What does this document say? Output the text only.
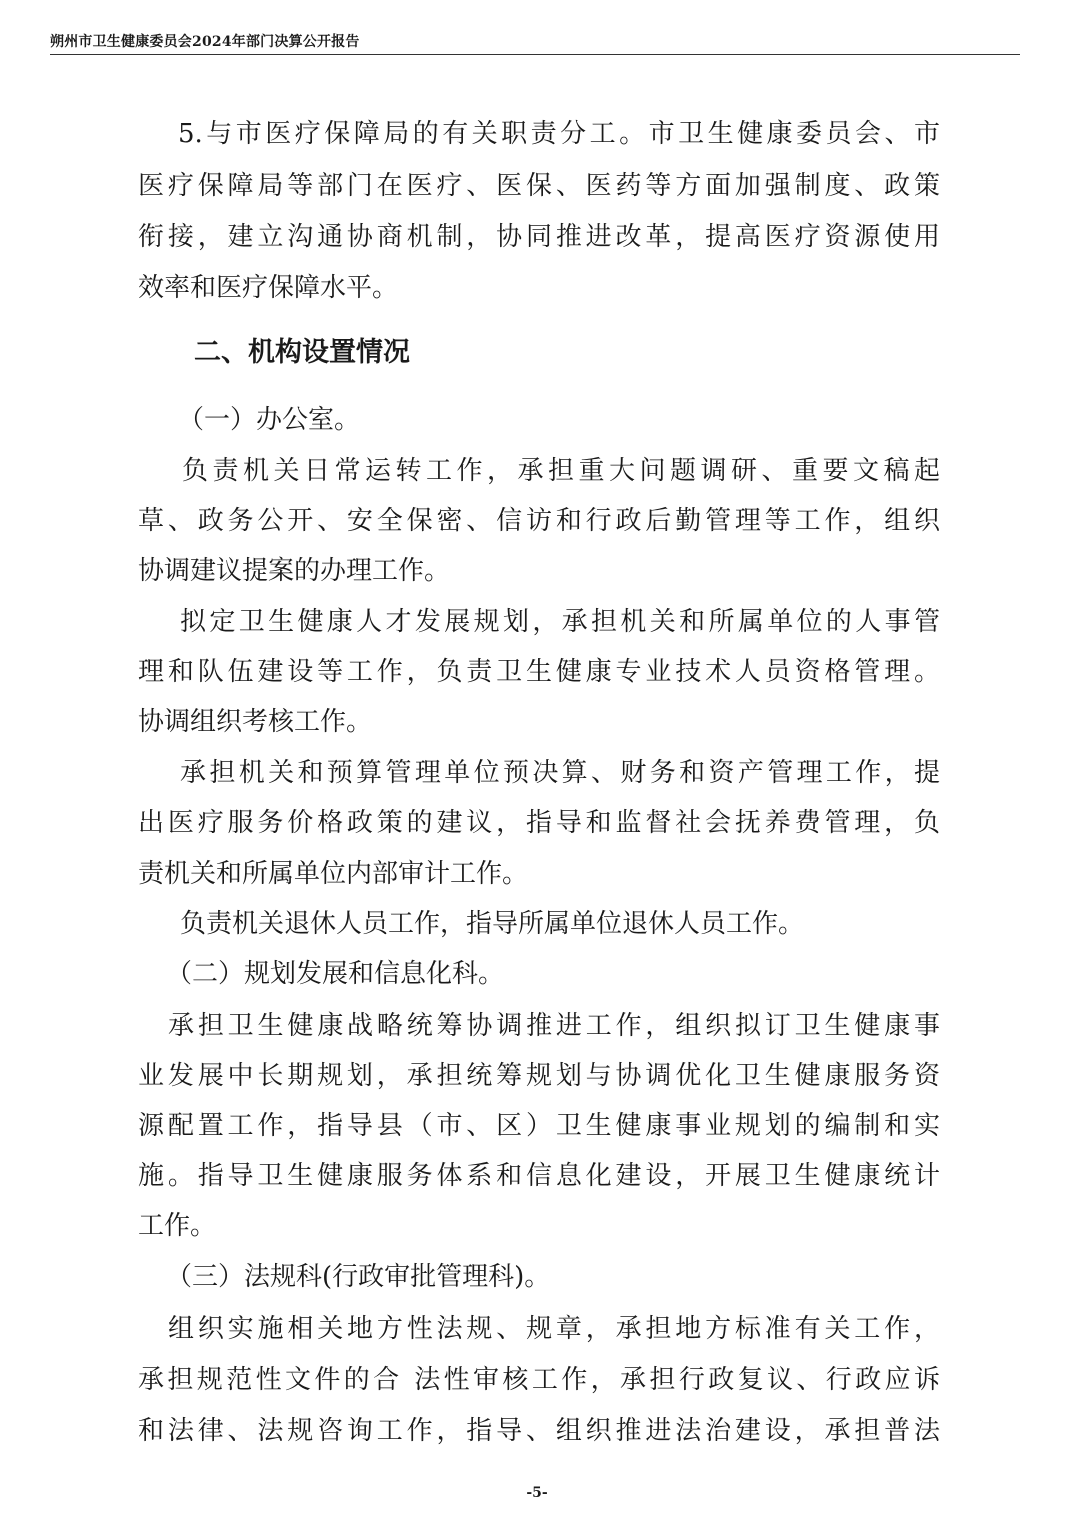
朔州市卫生健康委员会2024年部门决算公开报告
5.与市医疗保障局的有关职责分工。市卫生健康委员会、市
医疗保障局等部门在医疗、医保、医药等方面加强制度、政策
衔接，建立沟通协商机制，协同推进改革，提高医疗资源使用
效率和医疗保障水平。
二、机构设置情况
（一）办公室。
负责机关日常运转工作，承担重大问题调研、重要文稿起
草、政务公开、安全保密、信访和行政后勤管理等工作，组织
协调建议提案的办理工作。
拟定卫生健康人才发展规划，承担机关和所属单位的人事管
理和队伍建设等工作，负责卫生健康专业技术人员资格管理。
协调组织考核工作。
承担机关和预算管理单位预决算、财务和资产管理工作，提
出医疗服务价格政策的建议，指导和监督社会抚养费管理，负
责机关和所属单位内部审计工作。
负责机关退休人员工作，指导所属单位退休人员工作。
（二）规划发展和信息化科。
承担卫生健康战略统筹协调推进工作，组织拟订卫生健康事
业发展中长期规划，承担统筹规划与协调优化卫生健康服务资
源配置工作，指导县（市、区）卫生健康事业规划的编制和实
施。指导卫生健康服务体系和信息化建设，开展卫生健康统计
工作。
（三）法规科(行政审批管理科)。
组织实施相关地方性法规、规章，承担地方标准有关工作，
承担规范性文件的合 法性审核工作，承担行政复议、行政应诉
和法律、法规咨询工作，指导、组织推进法治建设，承担普法
-5-
